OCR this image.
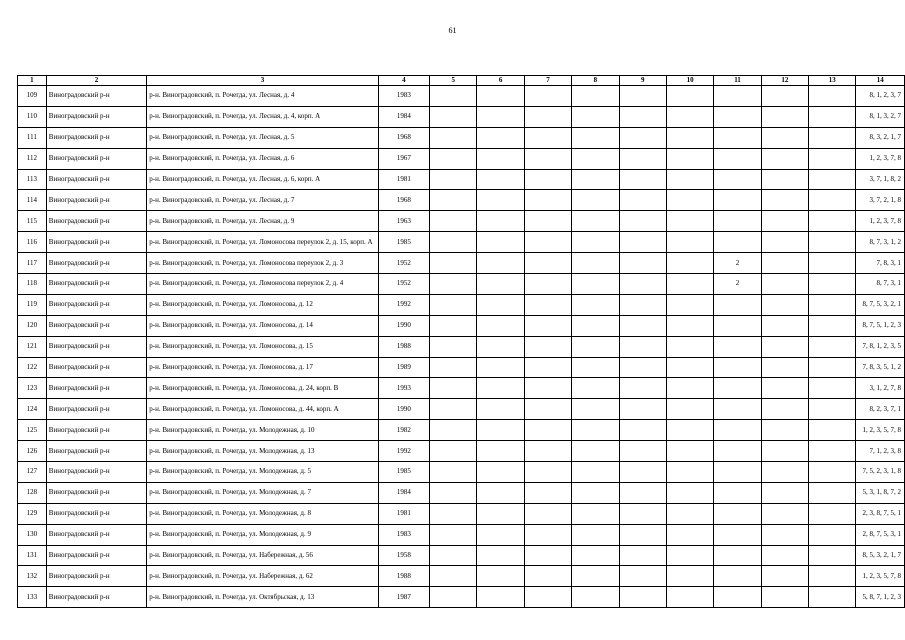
61
1	2	3	4	5	6	7	8	9	10	11	12	13	14
109	Виноградовский р-н	р-н. Виноградовский, п. Рочегда, ул. Лесная, д. 4	1983										8, 1, 2, 3, 7
110	Виноградовский р-н	р-н. Виноградовский, п. Рочегда, ул. Лесная, д. 4, корп. А	1984										8, 1, 3, 2, 7
111	Виноградовский р-н	р-н. Виноградовский, п. Рочегда, ул. Лесная, д. 5	1968										8, 3, 2, 1, 7
112	Виноградовский р-н	р-н. Виноградовский, п. Рочегда, ул. Лесная, д. 6	1967										1, 2, 3, 7, 8
113	Виноградовский р-н	р-н. Виноградовский, п. Рочегда, ул. Лесная, д. 6, корп. А	1981										3, 7, 1, 8, 2
114	Виноградовский р-н	р-н. Виноградовский, п. Рочегда, ул. Лесная, д. 7	1968										3, 7, 2, 1, 8
115	Виноградовский р-н	р-н. Виноградовский, п. Рочегда, ул. Лесная, д. 9	1963										1, 2, 3, 7, 8
116	Виноградовский р-н	р-н. Виноградовский, п. Рочегда, ул. Ломоносова переулок 2, д. 15, корп. А	1985										8, 7, 3, 1, 2
117	Виноградовский р-н	р-н. Виноградовский, п. Рочегда, ул. Ломоносова переулок 2, д. 3	1952							2			7, 8, 3, 1
118	Виноградовский р-н	р-н. Виноградовский, п. Рочегда, ул. Ломоносова переулок 2, д. 4	1952							2			8, 7, 3, 1
119	Виноградовский р-н	р-н. Виноградовский, п. Рочегда, ул. Ломоносова, д. 12	1992										8, 7, 5, 3, 2, 1
120	Виноградовский р-н	р-н. Виноградовский, п. Рочегда, ул. Ломоносова, д. 14	1990										8, 7, 5, 1, 2, 3
121	Виноградовский р-н	р-н. Виноградовский, п. Рочегда, ул. Ломоносова, д. 15	1988										7, 8, 1, 2, 3, 5
122	Виноградовский р-н	р-н. Виноградовский, п. Рочегда, ул. Ломоносова, д. 17	1989										7, 8, 3, 5, 1, 2
123	Виноградовский р-н	р-н. Виноградовский, п. Рочегда, ул. Ломоносова, д. 24, корп. В	1993										3, 1, 2, 7, 8
124	Виноградовский р-н	р-н. Виноградовский, п. Рочегда, ул. Ломоносова, д. 44, корп. А	1990										8, 2, 3, 7, 1
125	Виноградовский р-н	р-н. Виноградовский, п. Рочегда, ул. Молодежная, д. 10	1982										1, 2, 3, 5, 7, 8
126	Виноградовский р-н	р-н. Виноградовский, п. Рочегда, ул. Молодежная, д. 13	1992										7, 1, 2, 3, 8
127	Виноградовский р-н	р-н. Виноградовский, п. Рочегда, ул. Молодежная, д. 5	1985										7, 5, 2, 3, 1, 8
128	Виноградовский р-н	р-н. Виноградовский, п. Рочегда, ул. Молодежная, д. 7	1984										5, 3, 1, 8, 7, 2
129	Виноградовский р-н	р-н. Виноградовский, п. Рочегда, ул. Молодежная, д. 8	1981										2, 3, 8, 7, 5, 1
130	Виноградовский р-н	р-н. Виноградовский, п. Рочегда, ул. Молодежная, д. 9	1983										2, 8, 7, 5, 3, 1
131	Виноградовский р-н	р-н. Виноградовский, п. Рочегда, ул. Набережная, д. 56	1958										8, 5, 3, 2, 1, 7
132	Виноградовский р-н	р-н. Виноградовский, п. Рочегда, ул. Набережная, д. 62	1988										1, 2, 3, 5, 7, 8
133	Виноградовский р-н	р-н. Виноградовский, п. Рочегда, ул. Октябрьская, д. 13	1987										5, 8, 7, 1, 2, 3
